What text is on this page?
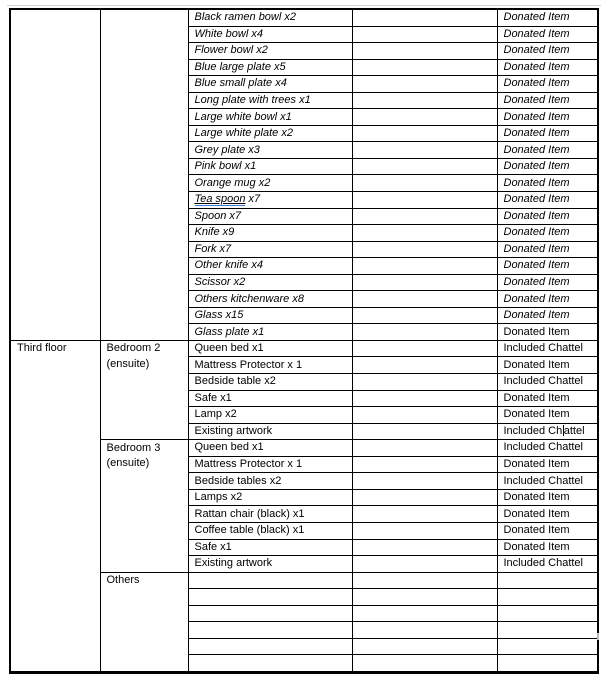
		Black ramen bowl x2		Donated Item
		White bowl x4		Donated Item
		Flower bowl x2		Donated Item
		Blue large plate x5		Donated Item
		Blue small plate x4		Donated Item
		Long plate with trees x1		Donated Item
		Large white bowl x1		Donated Item
		Large white plate x2		Donated Item
		Grey plate x3		Donated Item
		Pink bowl x1		Donated Item
		Orange mug x2		Donated Item
		Tea spoon x7		Donated Item
		Spoon x7		Donated Item
		Knife x9		Donated Item
		Fork x7		Donated Item
		Other knife x4		Donated Item
		Scissor x2		Donated Item
		Others kitchenware x8		Donated Item
		Glass x15		Donated Item
		Glass plate x1		Donated Item
Third floor	Bedroom 2 (ensuite)	Queen bed x1		Included Chattel
		Mattress Protector x 1		Donated Item
		Bedside table x2		Included Chattel
		Safe x1		Donated Item
		Lamp x2		Donated Item
		Existing artwork		Included Ch attel
	Bedroom 3 (ensuite)	Queen bed x1		Included Chattel
		Mattress Protector x 1		Donated Item
		Bedside tables x2		Included Chattel
		Lamps x2		Donated Item
		Rattan chair (black) x1		Donated Item
		Coffee table (black) x1		Donated Item
		Safe x1		Donated Item
		Existing artwork		Included Chattel
	Others			
